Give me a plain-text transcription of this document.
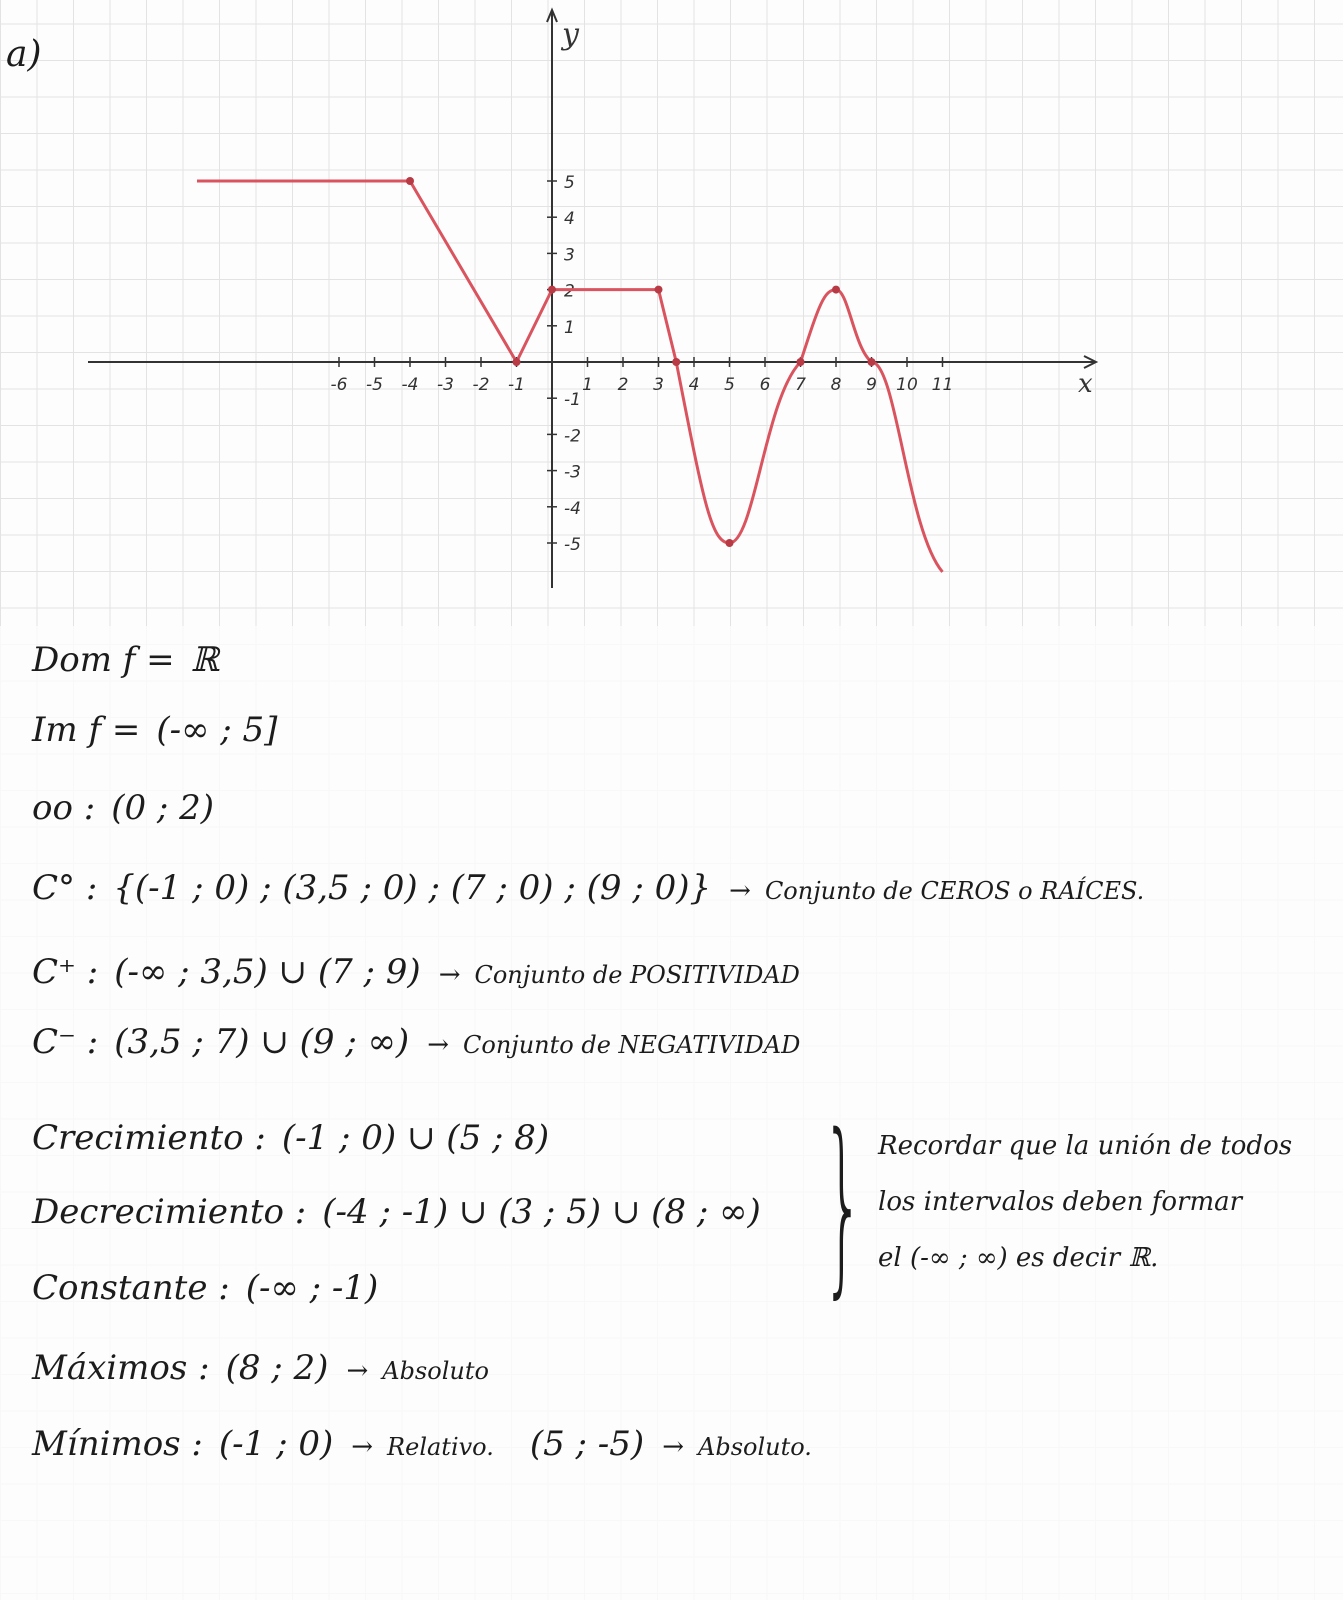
a)
x
y
-6 -5 -4 -3 -2 -1	1 2 3 4 5 6 7 8 9 10 11
5
4
3
2
1
-1
-2
-3
-4
-5
Dom f = ℝ
Im f = (-∞ ; 5]
oo : (0 ; 2)
C° : {(-1 ; 0) ; (3,5 ; 0) ; (7 ; 0) ; (9 ; 0)} → Conjunto de CEROS o RAÍCES.
C⁺ : (-∞ ; 3,5) ∪ (7 ; 9) → Conjunto de POSITIVIDAD
C⁻ : (3,5 ; 7) ∪ (9 ; ∞) → Conjunto de NEGATIVIDAD
Crecimiento : (-1 ; 0) ∪ (5 ; 8)
Decrecimiento : (-4 ; -1) ∪ (3 ; 5) ∪ (8 ; ∞)
Constante : (-∞ ; -1)
Máximos : (8 ; 2) → Absoluto
Mínimos : (-1 ; 0) → Relativo. (5 ; -5) → Absoluto.
} Recordar que la unión de todos
los intervalos deben formar
el (-∞ ; ∞) es decir ℝ.
